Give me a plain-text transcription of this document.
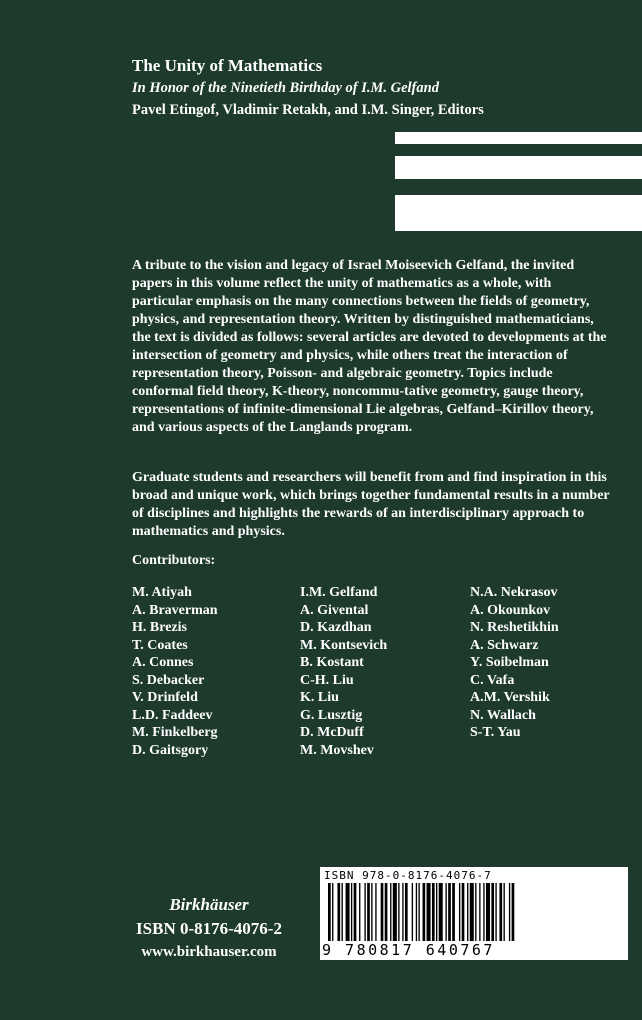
The Unity of Mathematics
In Honor of the Ninetieth Birthday of I.M. Gelfand
Pavel Etingof, Vladimir Retakh, and I.M. Singer, Editors

A tribute to the vision and legacy of Israel Moiseevich Gelfand, the invited papers in this volume reflect the unity of mathematics as a whole, with particular emphasis on the many connections between the fields of geometry, physics, and representation theory. Written by distinguished mathematicians, the text is divided as follows: several articles are devoted to developments at the intersection of geometry and physics, while others treat the interaction of representation theory, Poisson- and algebraic geometry. Topics include conformal field theory, K-theory, noncommu-tative geometry, gauge theory, representations of infinite-dimensional Lie algebras, Gelfand–Kirillov theory, and various aspects of the Langlands program.

Graduate students and researchers will benefit from and find inspiration in this broad and unique work, which brings together fundamental results in a number of disciplines and highlights the rewards of an interdisciplinary approach to mathematics and physics.

Contributors:
M. Atiyah
A. Braverman
H. Brezis
T. Coates
A. Connes
S. Debacker
V. Drinfeld
L.D. Faddeev
M. Finkelberg
D. Gaitsgory
I.M. Gelfand
A. Givental
D. Kazdhan
M. Kontsevich
B. Kostant
C-H. Liu
K. Liu
G. Lusztig
D. McDuff
M. Movshev
N.A. Nekrasov
A. Okounkov
N. Reshetikhin
A. Schwarz
Y. Soibelman
C. Vafa
A.M. Vershik
N. Wallach
S-T. Yau
Birkhäuser
ISBN 0-8176-4076-2
www.birkhauser.com
ISBN 978-0-8176-4076-7
9 780817 640767
